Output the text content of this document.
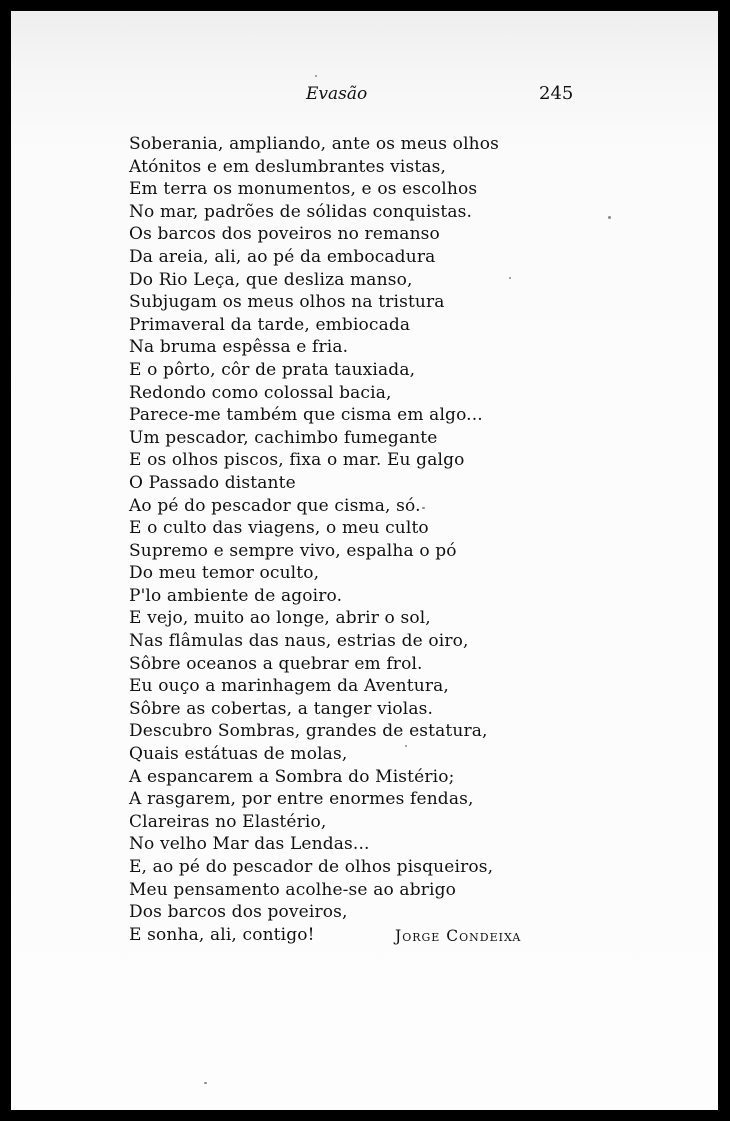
Evasão	245
Soberania, ampliando, ante os meus olhos
Atónitos e em deslumbrantes vistas,
Em terra os monumentos, e os escolhos
No mar, padrões de sólidas conquistas.
Os barcos dos poveiros no remanso
Da areia, ali, ao pé da embocadura
Do Rio Leça, que desliza manso,
Subjugam os meus olhos na tristura
Primaveral da tarde, embiocada
Na bruma espêssa e fria.
E o pôrto, côr de prata tauxiada,
Redondo como colossal bacia,
Parece-me também que cisma em algo...
Um pescador, cachimbo fumegante
E os olhos piscos, fixa o mar. Eu galgo
O Passado distante
Ao pé do pescador que cisma, só.
E o culto das viagens, o meu culto
Supremo e sempre vivo, espalha o pó
Do meu temor oculto,
P'lo ambiente de agoiro.
E vejo, muito ao longe, abrir o sol,
Nas flâmulas das naus, estrias de oiro,
Sôbre oceanos a quebrar em frol.
Eu ouço a marinhagem da Aventura,
Sôbre as cobertas, a tanger violas.
Descubro Sombras, grandes de estatura,
Quais estátuas de molas,
A espancarem a Sombra do Mistério;
A rasgarem, por entre enormes fendas,
Clareiras no Elastério,
No velho Mar das Lendas...
E, ao pé do pescador de olhos pisqueiros,
Meu pensamento acolhe-se ao abrigo
Dos barcos dos poveiros,
E sonha, ali, contigo!	Jorge Condeixa
